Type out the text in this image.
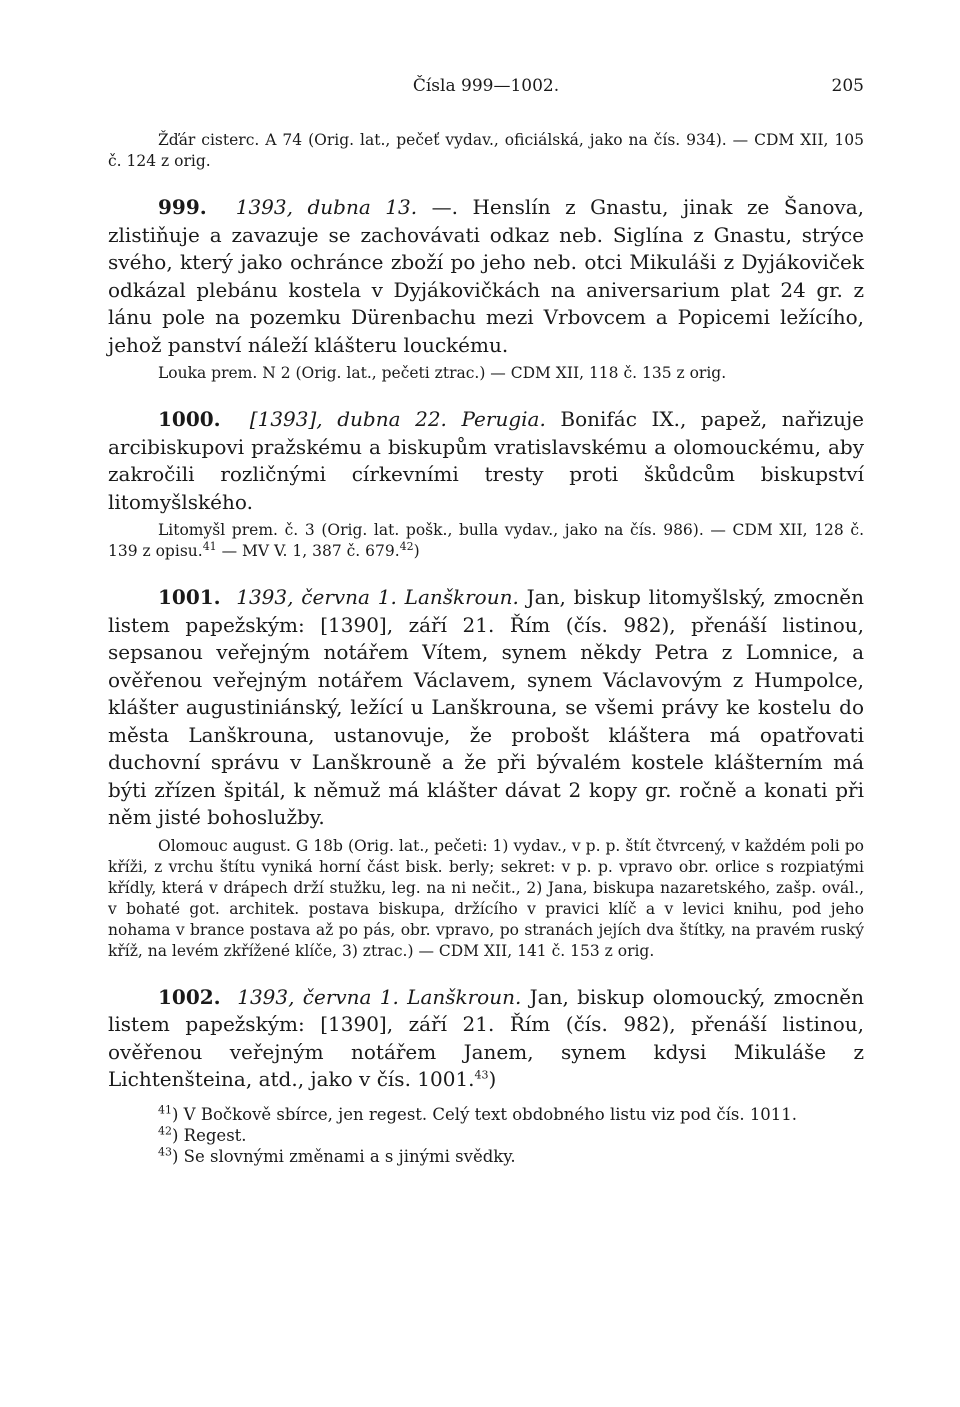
Čísla 999—1002.	205

Žďár cisterc. A 74 (Orig. lat., pečeť vydav., oficiálská, jako na čís. 934). — CDM XII, 105 č. 124 z orig.

999. 1393, dubna 13. —. Henslín z Gnastu, jinak ze Šanova, zlistiňuje a zavazuje se zachovávati odkaz neb. Siglína z Gnastu, strýce svého, který jako ochránce zboží po jeho neb. otci Mikuláši z Dyjákoviček odkázal plebánu kostela v Dyjákovičkách na aniversarium plat 24 gr. z lánu pole na pozemku Dürenbachu mezi Vrbovcem a Popicemi ležícího, jehož panství náleží klášteru louckému.

Louka prem. N 2 (Orig. lat., pečeti ztrac.) — CDM XII, 118 č. 135 z orig.

1000. [1393], dubna 22. Perugia. Bonifác IX., papež, nařizuje arcibiskupovi pražskému a biskupům vratislavskému a olomouckému, aby zakročili rozličnými církevními tresty proti škůdcům biskupství litomyšlského.

Litomyšl prem. č. 3 (Orig. lat. pošk., bulla vydav., jako na čís. 986). — CDM XII, 128 č. 139 z opisu.$^{41}$ — MV V. 1, 387 č. 679.42)

1001. 1393, června 1. Lanškroun. Jan, biskup litomyšlský, zmocněn listem papežským: [1390], září 21. Řím (čís. 982), přenáší listinou, sepsanou veřejným notářem Vítem, synem někdy Petra z Lomnice, a ověřenou veřejným notářem Václavem, synem Václavovým z Humpolce, klášter augustiniánský, ležící u Lanškrouna, se všemi právy ke kostelu do města Lanškrouna, ustanovuje, že probošt kláštera má opatřovati duchovní správu v Lanškrouně a že při bývalém kostele klášterním má býti zřízen špitál, k němuž má klášter dávat 2 kopy gr. ročně a konati při něm jisté bohoslužby.

Olomouc august. G 18b (Orig. lat., pečeti: 1) vydav., v p. p. štít čtvrcený, v každém poli po kříži, z vrchu štítu vyniká horní část bisk. berly; sekret: v p. p. vpravo obr. orlice s rozpiatými křídly, která v drápech drží stužku, leg. na ni nečit., 2) Jana, biskupa nazaretského, zašp. ovál., v bohaté got. architek. postava biskupa, držícího v pravici klíč a v levici knihu, pod jeho nohama v brance postava až po pás, obr. vpravo, po stranách jejích dva štítky, na pravém ruský kříž, na levém zkřížené klíče, 3) ztrac.) — CDM XII, 141 č. 153 z orig.

1002. 1393, června 1. Lanškroun. Jan, biskup olomoucký, zmocněn listem papežským: [1390], září 21. Řím (čís. 982), přenáší listinou, ověřenou veřejným notářem Janem, synem kdysi Mikuláše z Lichtenšteina, atd., jako v čís. 1001.43)

$^{41}$) V Bočkově sbírce, jen regest. Celý text obdobného listu viz pod čís. 1011.

$^{42}$) Regest.

$^{43}$) Se slovnými změnami a s jinými svědky.
